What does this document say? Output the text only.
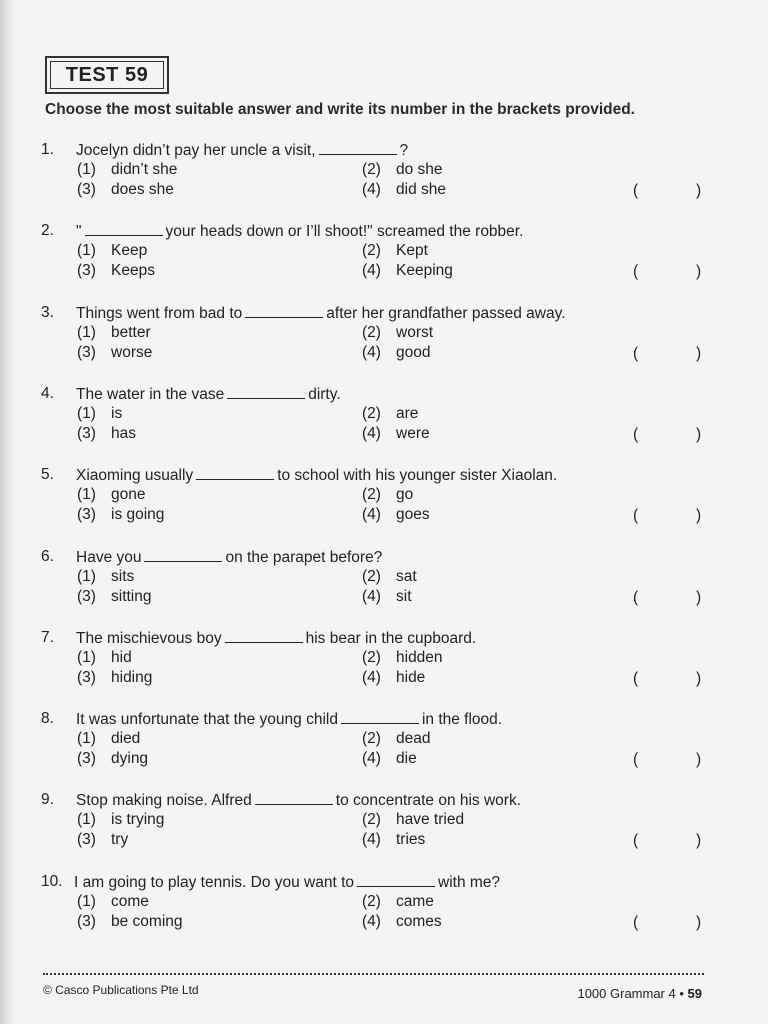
TEST 59
Choose the most suitable answer and write its number in the brackets provided.
1. Jocelyn didn’t pay her uncle a visit,	?
(1) didn’t she	(2) do she
(3) does she	(4) did she	(	)
2. "	your heads down or I’ll shoot!" screamed the robber.
(1) Keep	(2) Kept
(3) Keeps	(4) Keeping	(	)
3. Things went from bad to	after her grandfather passed away.
(1) better	(2) worst
(3) worse	(4) good	(	)
4. The water in the vase	dirty.
(1) is	(2) are
(3) has	(4) were	(	)
5. Xiaoming usually	to school with his younger sister Xiaolan.
(1) gone	(2) go
(3) is going	(4) goes	(	)
6. Have you	on the parapet before?
(1) sits	(2) sat
(3) sitting	(4) sit	(	)
7. The mischievous boy	his bear in the cupboard.
(1) hid	(2) hidden
(3) hiding	(4) hide	(	)
8. It was unfortunate that the young child	in the flood.
(1) died	(2) dead
(3) dying	(4) die	(	)
9. Stop making noise. Alfred	to concentrate on his work.
(1) is trying	(2) have tried
(3) try	(4) tries	(	)
10. I am going to play tennis. Do you want to	with me?
(1) come	(2) came
(3) be coming	(4) comes	(	)
© Casco Publications Pte Ltd	1000 Grammar 4 • 59
